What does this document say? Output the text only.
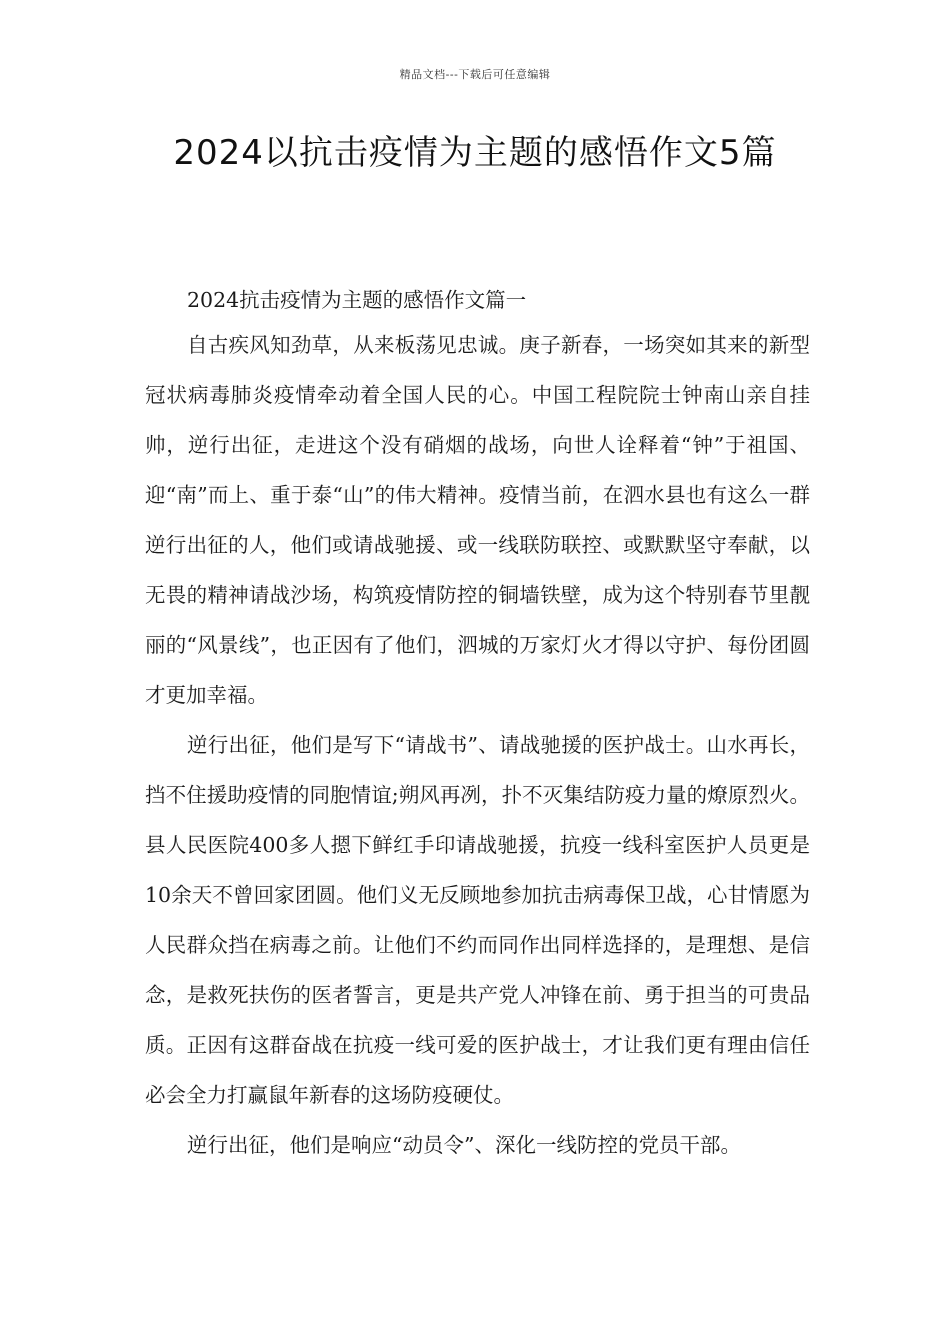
精品文档---下载后可任意编辑
2024以抗击疫情为主题的感悟作文5篇
2024抗击疫情为主题的感悟作文篇一

自古疾风知劲草，从来板荡见忠诚。庚子新春，一场突如其来的新型冠状病毒肺炎疫情牵动着全国人民的心。中国工程院院士钟南山亲自挂帅，逆行出征，走进这个没有硝烟的战场，向世人诠释着“钟”于祖国、迎“南”而上、重于泰“山”的伟大精神。疫情当前，在泗水县也有这么一群逆行出征的人，他们或请战驰援、或一线联防联控、或默默坚守奉献，以无畏的精神请战沙场，构筑疫情防控的铜墙铁壁，成为这个特别春节里靓丽的“风景线”，也正因有了他们，泗城的万家灯火才得以守护、每份团圆才更加幸福。

逆行出征，他们是写下“请战书”、请战驰援的医护战士。山水再长，挡不住援助疫情的同胞情谊;朔风再冽，扑不灭集结防疫力量的燎原烈火。县人民医院400多人摁下鲜红手印请战驰援，抗疫一线科室医护人员更是10余天不曾回家团圆。他们义无反顾地参加抗击病毒保卫战，心甘情愿为人民群众挡在病毒之前。让他们不约而同作出同样选择的，是理想、是信念，是救死扶伤的医者誓言，更是共产党人冲锋在前、勇于担当的可贵品质。正因有这群奋战在抗疫一线可爱的医护战士，才让我们更有理由信任必会全力打赢鼠年新春的这场防疫硬仗。

逆行出征，他们是响应“动员令”、深化一线防控的党员干部。
